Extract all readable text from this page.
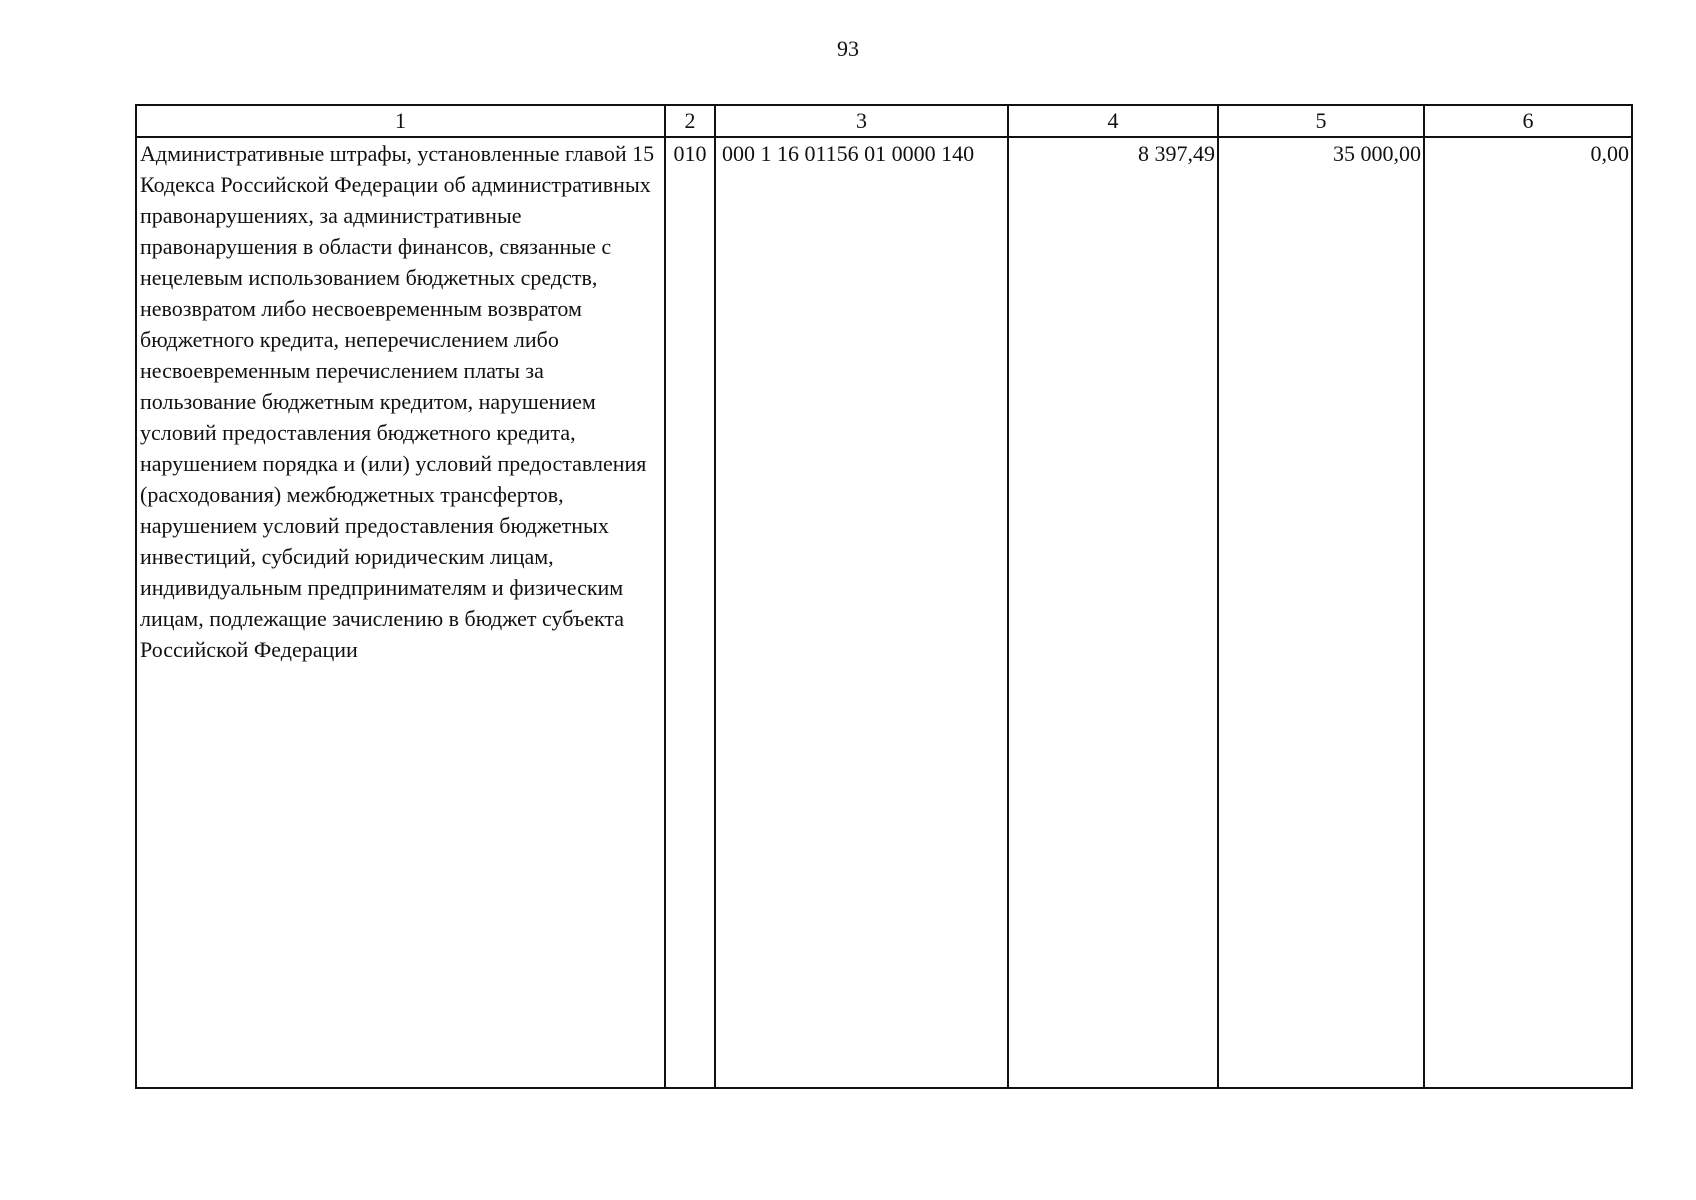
93
1	2	3	4	5	6
Административные штрафы, установленные главой 15 Кодекса Российской Федерации об административных правонарушениях, за административные правонарушения в области финансов, связанные с нецелевым использованием бюджетных средств, невозвратом либо несвоевременным возвратом бюджетного кредита, неперечислением либо несвоевременным перечислением платы за пользование бюджетным кредитом, нарушением условий предоставления бюджетного кредита, нарушением порядка и (или) условий предоставления (расходования) межбюджетных трансфертов, нарушением условий предоставления бюджетных инвестиций, субсидий юридическим лицам, индивидуальным предпринимателям и физическим лицам, подлежащие зачислению в бюджет субъекта Российской Федерации	010	000 1 16 01156 01 0000 140	8 397,49	35 000,00	0,00
